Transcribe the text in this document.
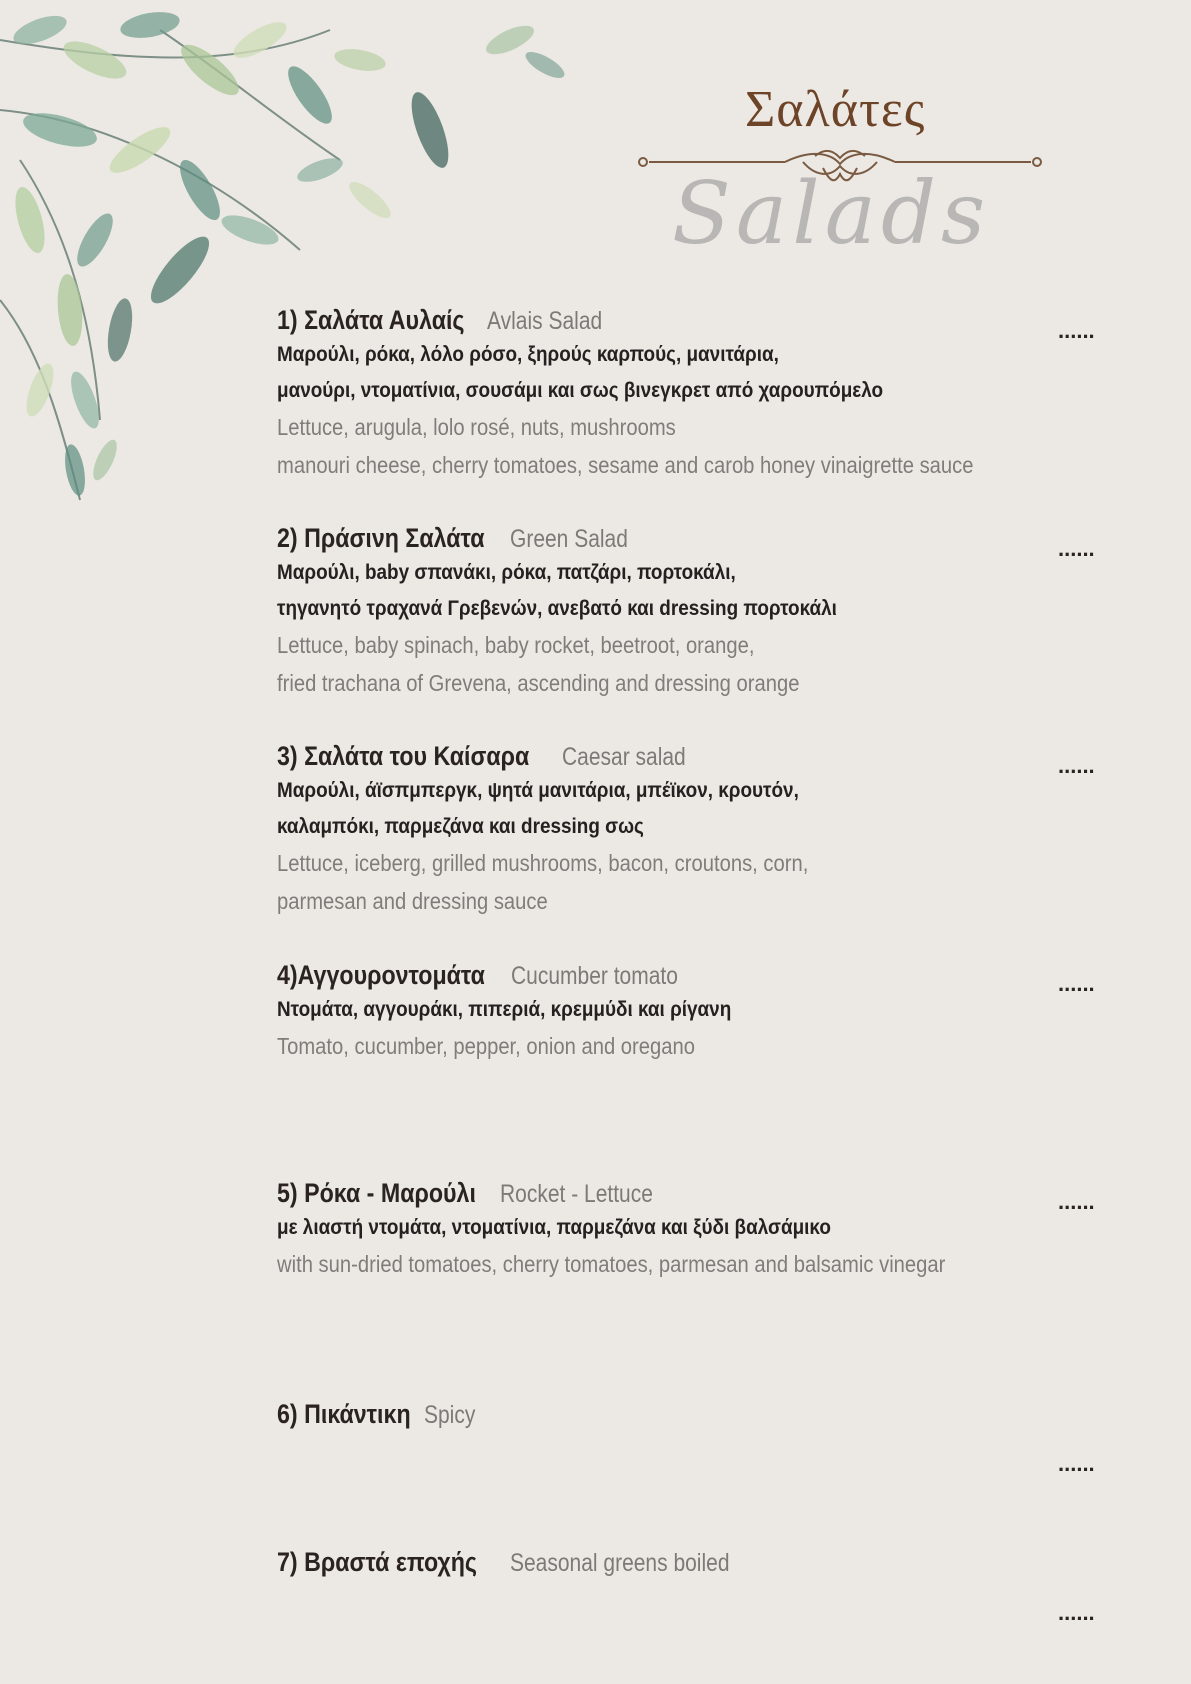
Σαλάτες
Salads
1) Σαλάτα Αυλαίς Avlais Salad
Μαρούλι, ρόκα, λόλο ρόσο, ξηρούς καρπούς, μανιτάρια,
μανούρι, ντοματίνια, σουσάμι και σως βινεγκρετ από χαρουπόμελο
Lettuce, arugula, lolo rosé, nuts, mushrooms
manouri cheese, cherry tomatoes, sesame and carob honey vinaigrette sauce
2) Πράσινη Σαλάτα Green Salad
Μαρούλι, baby σπανάκι, ρόκα, πατζάρι, πορτοκάλι,
τηγανητό τραχανά Γρεβενών, ανεβατό και dressing πορτοκάλι
Lettuce, baby spinach, baby rocket, beetroot, orange,
fried trachana of Grevena, ascending and dressing orange
3) Σαλάτα του Καίσαρα Caesar salad
Μαρούλι, άϊσπμπεργκ, ψητά μανιτάρια, μπέϊκον, κρουτόν,
καλαμπόκι, παρμεζάνα και dressing σως
Lettuce, iceberg, grilled mushrooms, bacon, croutons, corn,
parmesan and dressing sauce
4)Αγγουροντομάτα Cucumber tomato
Ντομάτα, αγγουράκι, πιπεριά, κρεμμύδι και ρίγανη
Tomato, cucumber, pepper, onion and oregano
5) Ρόκα - Μαρούλι Rocket - Lettuce
με λιαστή ντομάτα, ντοματίνια, παρμεζάνα και ξύδι βαλσάμικο
with sun-dried tomatoes, cherry tomatoes, parmesan and balsamic vinegar
6) Πικάντικη Spicy
7) Βραστά εποχής Seasonal greens boiled
......
......
......
......
......
......
......
